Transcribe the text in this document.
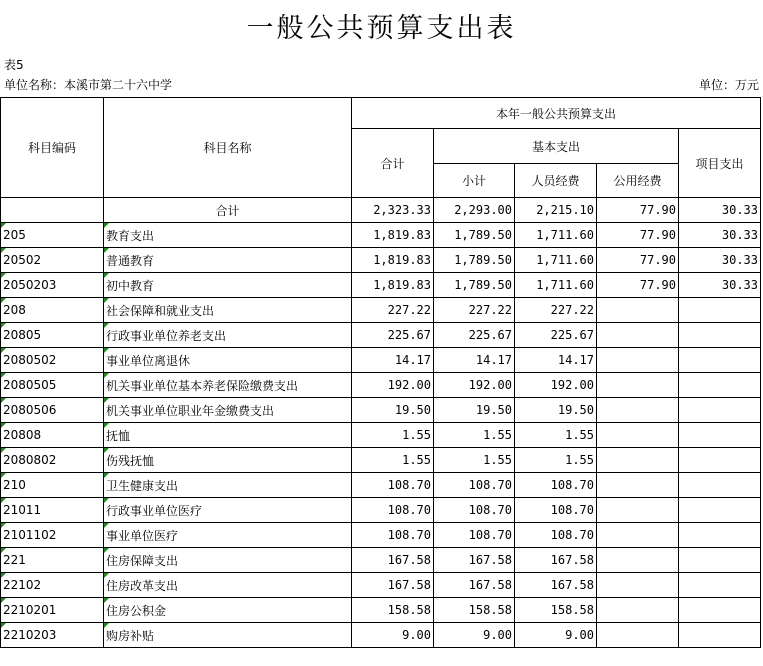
一般公共预算支出表
表5
单位名称：本溪市第二十六中学	单位：万元
科目编码	科目名称	本年一般公共预算支出				
		合计	基本支出			项目支出
			小计	人员经费	公用经费	
	合计	2,323.33	2,293.00	2,215.10	77.90	30.33
205	教育支出	1,819.83	1,789.50	1,711.60	77.90	30.33
20502	普通教育	1,819.83	1,789.50	1,711.60	77.90	30.33
2050203	初中教育	1,819.83	1,789.50	1,711.60	77.90	30.33
208	社会保障和就业支出	227.22	227.22	227.22		
20805	行政事业单位养老支出	225.67	225.67	225.67		
2080502	事业单位离退休	14.17	14.17	14.17		
2080505	机关事业单位基本养老保险缴费支出	192.00	192.00	192.00		
2080506	机关事业单位职业年金缴费支出	19.50	19.50	19.50		
20808	抚恤	1.55	1.55	1.55		
2080802	伤残抚恤	1.55	1.55	1.55		
210	卫生健康支出	108.70	108.70	108.70		
21011	行政事业单位医疗	108.70	108.70	108.70		
2101102	事业单位医疗	108.70	108.70	108.70		
221	住房保障支出	167.58	167.58	167.58		
22102	住房改革支出	167.58	167.58	167.58		
2210201	住房公积金	158.58	158.58	158.58		
2210203	购房补贴	9.00	9.00	9.00		
